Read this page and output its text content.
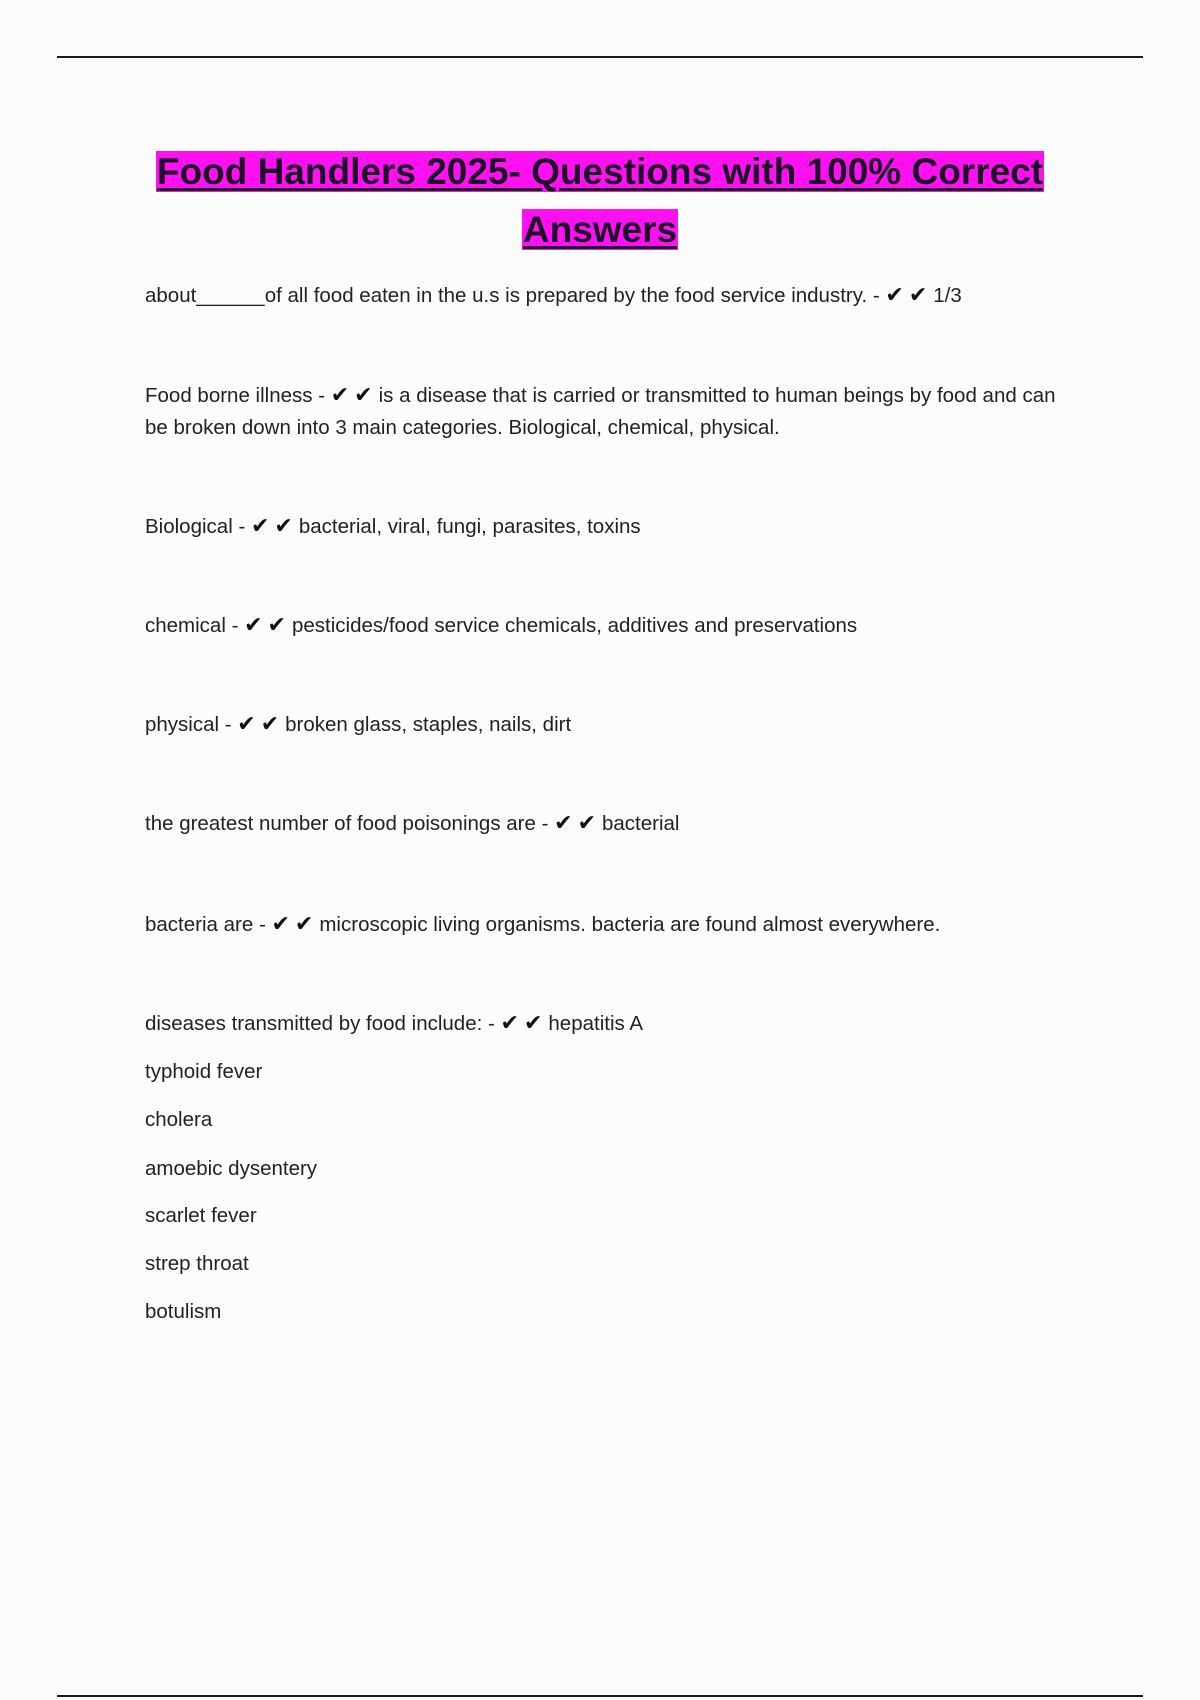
Food Handlers 2025- Questions with 100% Correct Answers

about______of all food eaten in the u.s is prepared by the food service industry. - ✔ ✔ 1/3

Food borne illness - ✔ ✔ is a disease that is carried or transmitted to human beings by food and can be broken down into 3 main categories. Biological, chemical, physical.

Biological - ✔ ✔ bacterial, viral, fungi, parasites, toxins

chemical - ✔ ✔ pesticides/food service chemicals, additives and preservations

physical - ✔ ✔ broken glass, staples, nails, dirt

the greatest number of food poisonings are - ✔ ✔ bacterial

bacteria are - ✔ ✔ microscopic living organisms. bacteria are found almost everywhere.

diseases transmitted by food include: - ✔ ✔ hepatitis A

typhoid fever

cholera

amoebic dysentery

scarlet fever

strep throat

botulism
